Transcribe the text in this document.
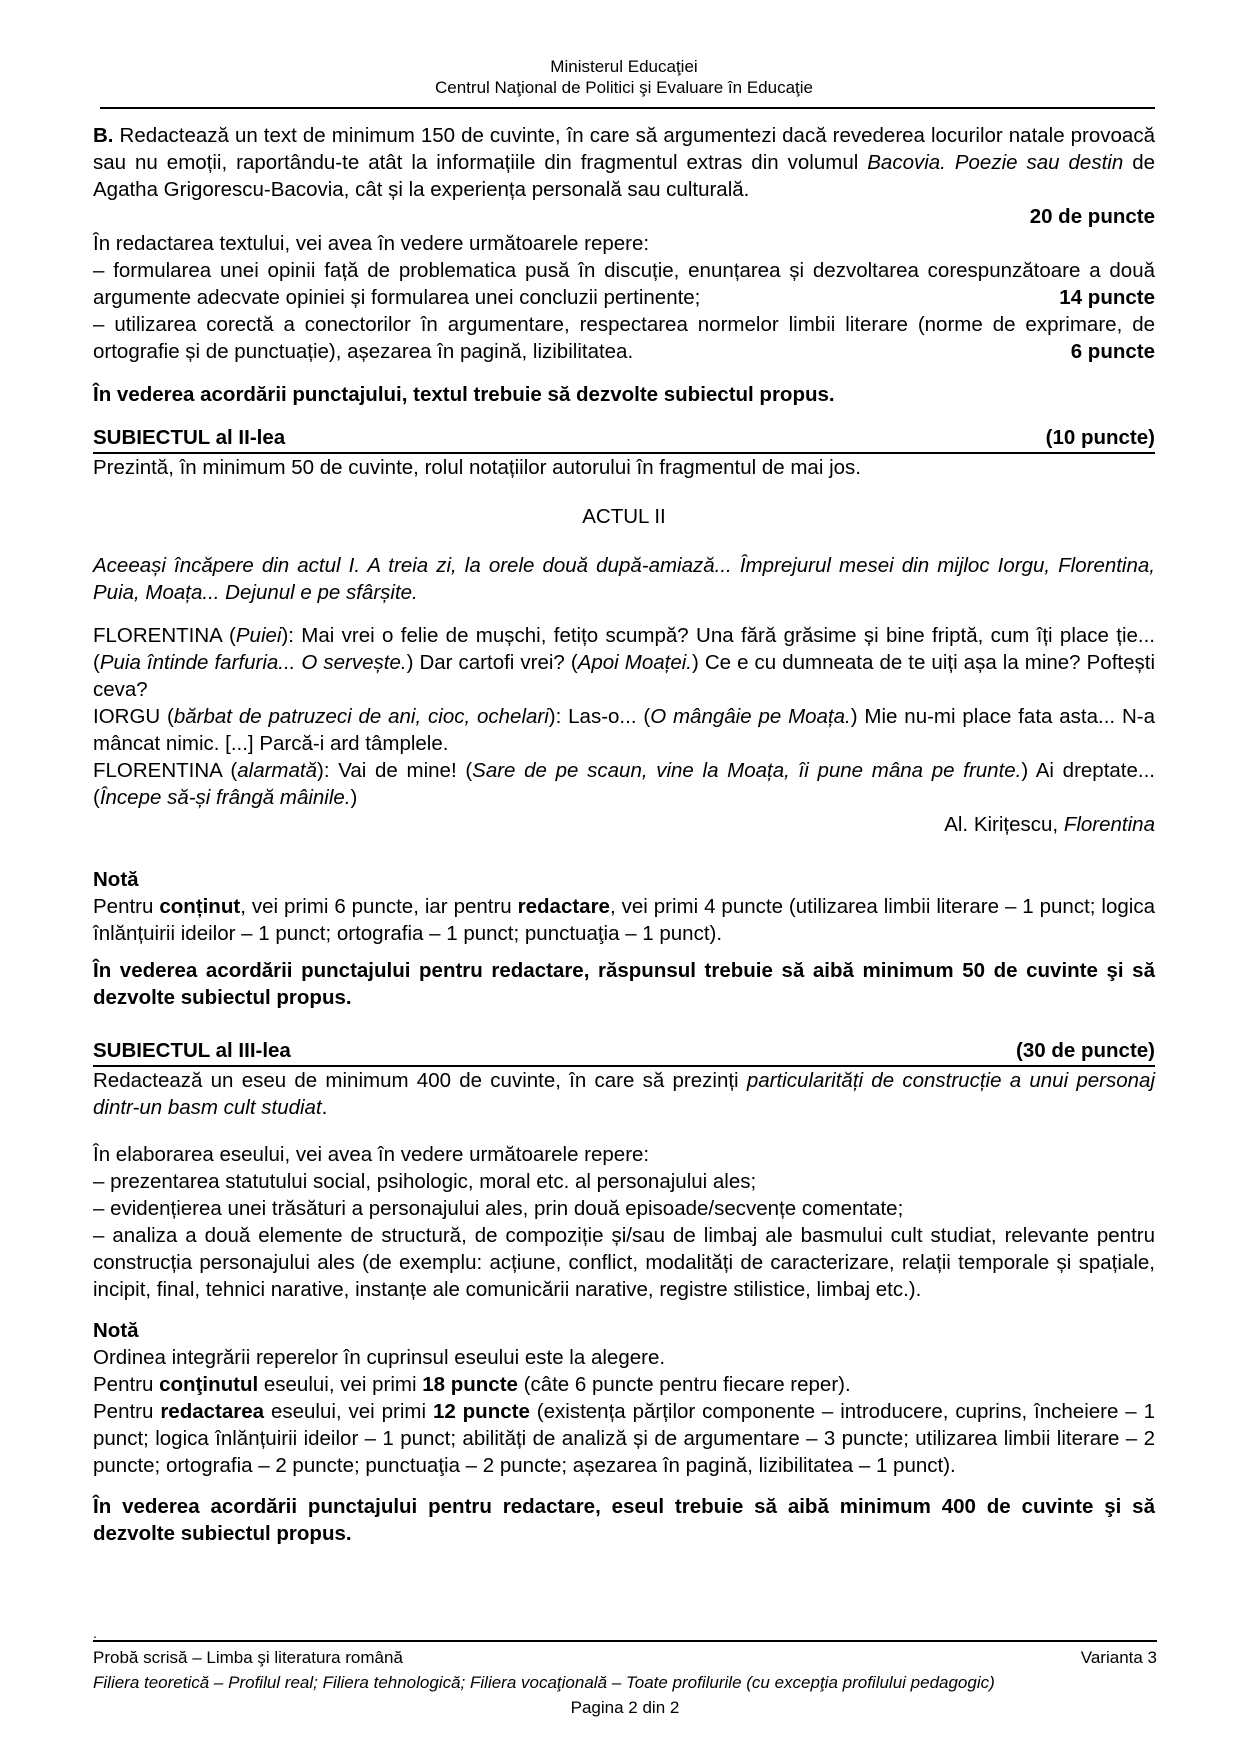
Ministerul Educaţiei
Centrul Naţional de Politici şi Evaluare în Educaţie

B. Redactează un text de minimum 150 de cuvinte, în care să argumentezi dacă revederea locurilor natale provoacă sau nu emoții, raportându-te atât la informațiile din fragmentul extras din volumul Bacovia. Poezie sau destin de Agatha Grigorescu-Bacovia, cât și la experiența personală sau culturală.

20 de puncte

În redactarea textului, vei avea în vedere următoarele repere:

– formularea unei opinii față de problematica pusă în discuție, enunțarea și dezvoltarea corespunzătoare a două argumente adecvate opiniei și formularea unei concluzii pertinente;	14 puncte

– utilizarea corectă a conectorilor în argumentare, respectarea normelor limbii literare (norme de exprimare, de ortografie și de punctuație), așezarea în pagină, lizibilitatea.	6 puncte

În vederea acordării punctajului, textul trebuie să dezvolte subiectul propus.

SUBIECTUL al II-lea	(10 puncte)

Prezintă, în minimum 50 de cuvinte, rolul notațiilor autorului în fragmentul de mai jos.

ACTUL II

Aceeași încăpere din actul I. A treia zi, la orele două după-amiază... Împrejurul mesei din mijloc Iorgu, Florentina, Puia, Moața... Dejunul e pe sfârșite.

FLORENTINA (Puiei): Mai vrei o felie de mușchi, fetițo scumpă? Una fără grăsime și bine friptă, cum îți place ție... (Puia întinde farfuria... O servește.) Dar cartofi vrei? (Apoi Moaței.) Ce e cu dumneata de te uiți așa la mine? Poftești ceva?

IORGU (bărbat de patruzeci de ani, cioc, ochelari): Las-o... (O mângâie pe Moața.) Mie nu-mi place fata asta... N-a mâncat nimic. [...] Parcă-i ard tâmplele.

FLORENTINA (alarmată): Vai de mine! (Sare de pe scaun, vine la Moața, îi pune mâna pe frunte.) Ai dreptate... (Începe să-și frângă mâinile.)

Al. Kirițescu, Florentina

Notă

Pentru conținut, vei primi 6 puncte, iar pentru redactare, vei primi 4 puncte (utilizarea limbii literare – 1 punct; logica înlănțuirii ideilor – 1 punct; ortografia – 1 punct; punctuaţia – 1 punct).

În vederea acordării punctajului pentru redactare, răspunsul trebuie să aibă minimum 50 de cuvinte şi să dezvolte subiectul propus.

SUBIECTUL al III-lea	(30 de puncte)

Redactează un eseu de minimum 400 de cuvinte, în care să prezinți particularități de construcție a unui personaj dintr-un basm cult studiat.

În elaborarea eseului, vei avea în vedere următoarele repere:

– prezentarea statutului social, psihologic, moral etc. al personajului ales;

– evidențierea unei trăsături a personajului ales, prin două episoade/secvențe comentate;

– analiza a două elemente de structură, de compoziție și/sau de limbaj ale basmului cult studiat, relevante pentru construcția personajului ales (de exemplu: acțiune, conflict, modalități de caracterizare, relații temporale și spațiale, incipit, final, tehnici narative, instanțe ale comunicării narative, registre stilistice, limbaj etc.).

Notă

Ordinea integrării reperelor în cuprinsul eseului este la alegere.

Pentru conţinutul eseului, vei primi 18 puncte (câte 6 puncte pentru fiecare reper).

Pentru redactarea eseului, vei primi 12 puncte (existența părților componente – introducere, cuprins, încheiere – 1 punct; logica înlănțuirii ideilor – 1 punct; abilități de analiză și de argumentare – 3 puncte; utilizarea limbii literare – 2 puncte; ortografia – 2 puncte; punctuaţia – 2 puncte; așezarea în pagină, lizibilitatea – 1 punct).

În vederea acordării punctajului pentru redactare, eseul trebuie să aibă minimum 400 de cuvinte şi să dezvolte subiectul propus.

.
Probă scrisă – Limba şi literatura română	Varianta 3
Filiera teoretică – Profilul real; Filiera tehnologică; Filiera vocaţională – Toate profilurile (cu excepţia profilului pedagogic)
Pagina 2 din 2
